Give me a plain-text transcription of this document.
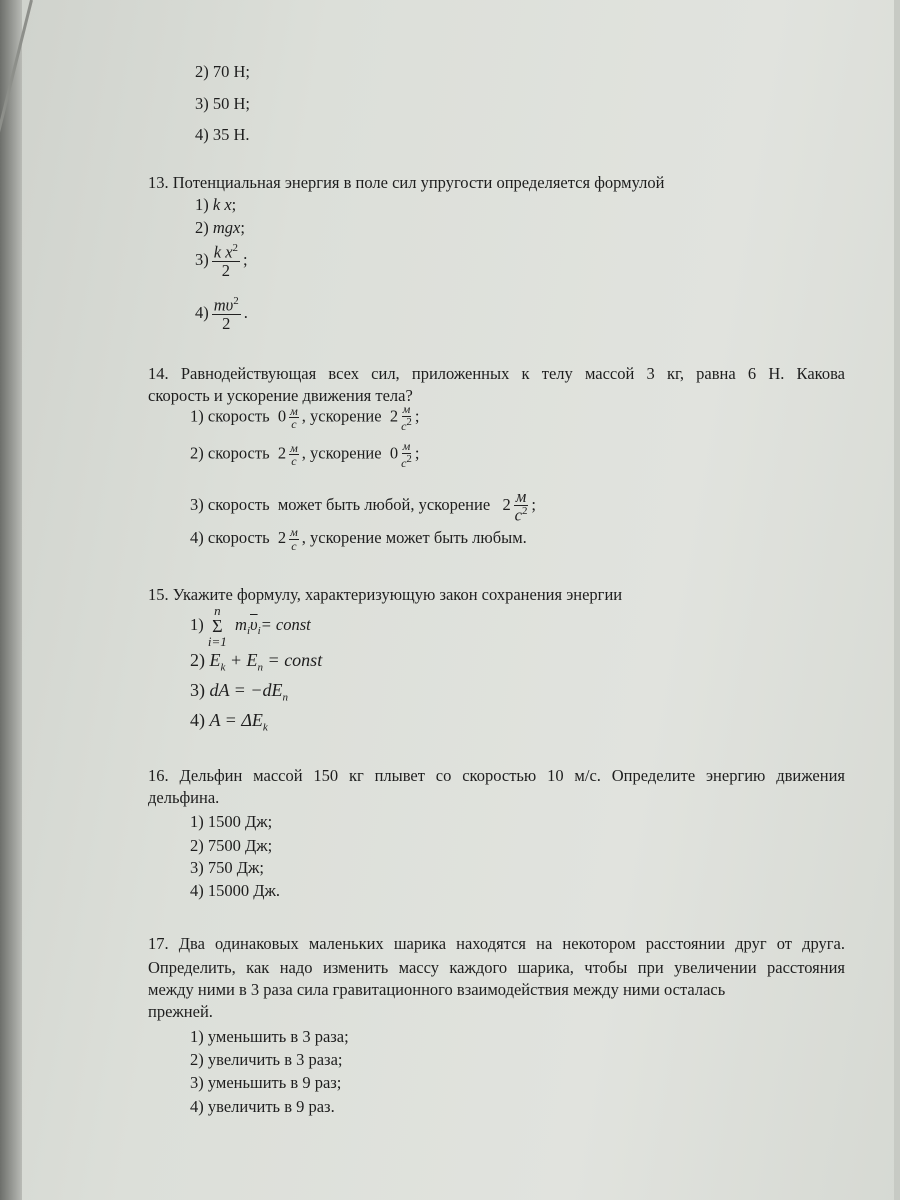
2) 70 Н;
3) 50 Н;
4) 35 Н.
13. Потенциальная энергия в поле сил упругости определяется формулой
1) k x;
2) mgx;
$3) \frac{k x^2}{2}$ ;
$4) \frac{m\upsilon^2}{2}$ .
14. Равнодействующая всех сил, приложенных к телу массой 3 кг, равна 6 Н. Какова
скорость и ускорение движения тела?
1) скорость $0 \frac{м}{с}$ , ускорение $2 \frac{м}{с^2}$ ;
2) скорость $2 \frac{м}{с}$ , ускорение $0 \frac{м}{с^2}$ ;
3) скорость  может быть любой, ускорение $2 \frac{м}{с^2}$ ;
4) скорость $2 \frac{м}{с}$ , ускорение может быть любым.
15. Укажите формулу, характеризующую закон сохранения энергии
1)
n
Σ
i=1
$m_i\overline{\upsilon}_i=$ const
2) $E_k + E_n$ = const
3) dA = $-dE_n$
4) $A = \Delta E_k$
16. Дельфин массой 150 кг плывет со скоростью 10 м/с. Определите энергию движения
дельфина.
1) 1500 Дж;
2) 7500 Дж;
3) 750 Дж;
4) 15000 Дж.
17. Два одинаковых маленьких шарика находятся на некотором расстоянии друг от друга.
Определить, как надо изменить массу каждого шарика, чтобы при увеличении расстояния
между ними в 3 раза сила гравитационного взаимодействия между ними осталась
прежней.
1) уменьшить в 3 раза;
2) увеличить в 3 раза;
3) уменьшить в 9 раз;
4) увеличить в 9 раз.
